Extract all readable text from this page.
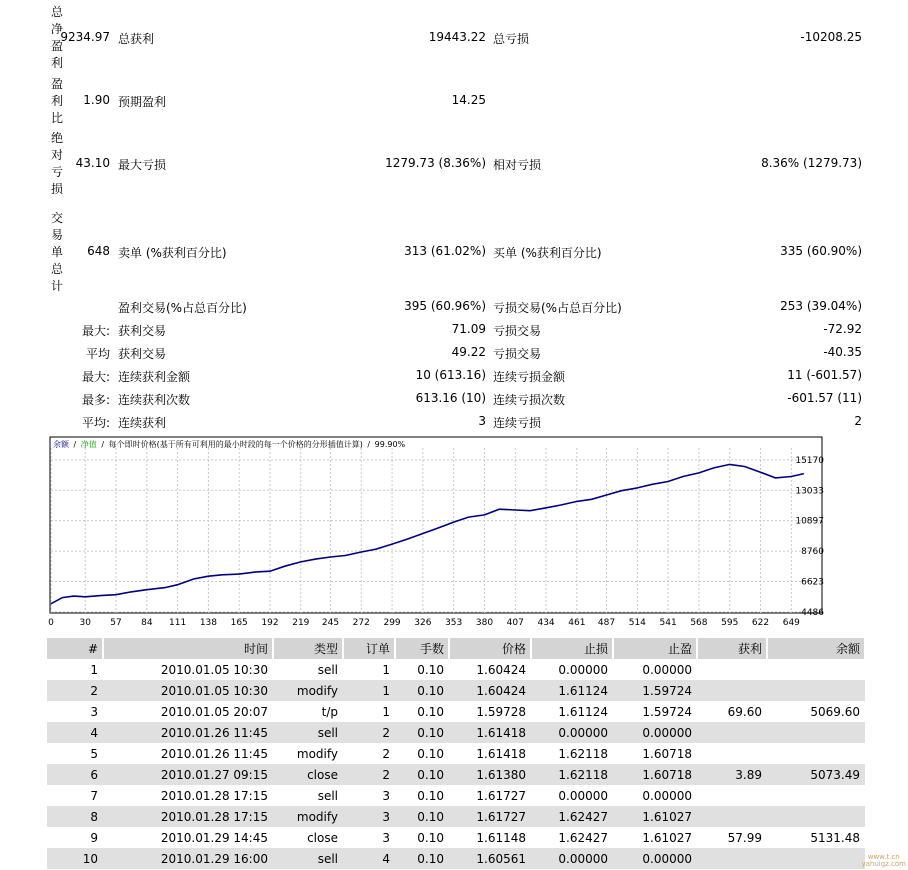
总净盈利
9234.97 总获利	19443.22 总亏损	-10208.25
盈利比
1.90 预期盈利	14.25
绝对亏损
43.10 最大亏损	1279.73 (8.36%) 相对亏损	8.36% (1279.73)
交易单总计
648 卖单 (%获利百分比)	313 (61.02%) 买单 (%获利百分比)	335 (60.90%)
盈利交易(%占总百分比)	395 (60.96%) 亏损交易(%占总百分比)	253 (39.04%)
最大: 获利交易	71.09 亏损交易	-72.92
平均 获利交易	49.22 亏损交易	-40.35
最大: 连续获利金额	10 (613.16) 连续亏损金额	11 (-601.57)
最多: 连续获利次数	613.16 (10) 连续亏损次数	-601.57 (11)
平均: 连续获利	3 连续亏损	2
余额 / 净值 / 每个即时价格(基于所有可利用的最小时段的每一个价格的分形插值计算) / 99.90%
15170
13033
10897
8760
6623
4486
0	30 57 84 111 138 165 192 219 245 272 299 326 353 380 407 434 461 487 514 541 568 595 622 649
#	时间	类型	订单	手数	价格	止损	止盈	获利	余额
1	2010.01.05 10:30	sell	1	0.10	1.60424	0.00000	0.00000		
2	2010.01.05 10:30	modify	1	0.10	1.60424	1.61124	1.59724		
3	2010.01.05 20:07	t/p	1	0.10	1.59728	1.61124	1.59724	69.60	5069.60
4	2010.01.26 11:45	sell	2	0.10	1.61418	0.00000	0.00000		
5	2010.01.26 11:45	modify	2	0.10	1.61418	1.62118	1.60718		
6	2010.01.27 09:15	close	2	0.10	1.61380	1.62118	1.60718	3.89	5073.49
7	2010.01.28 17:15	sell	3	0.10	1.61727	0.00000	0.00000		
8	2010.01.28 17:15	modify	3	0.10	1.61727	1.62427	1.61027		
9	2010.01.29 14:45	close	3	0.10	1.61148	1.62427	1.61027	57.99	5131.48
10	2010.01.29 16:00	sell	4	0.10	1.60561	0.00000	0.00000			www.t.cn
yahuigz.com
